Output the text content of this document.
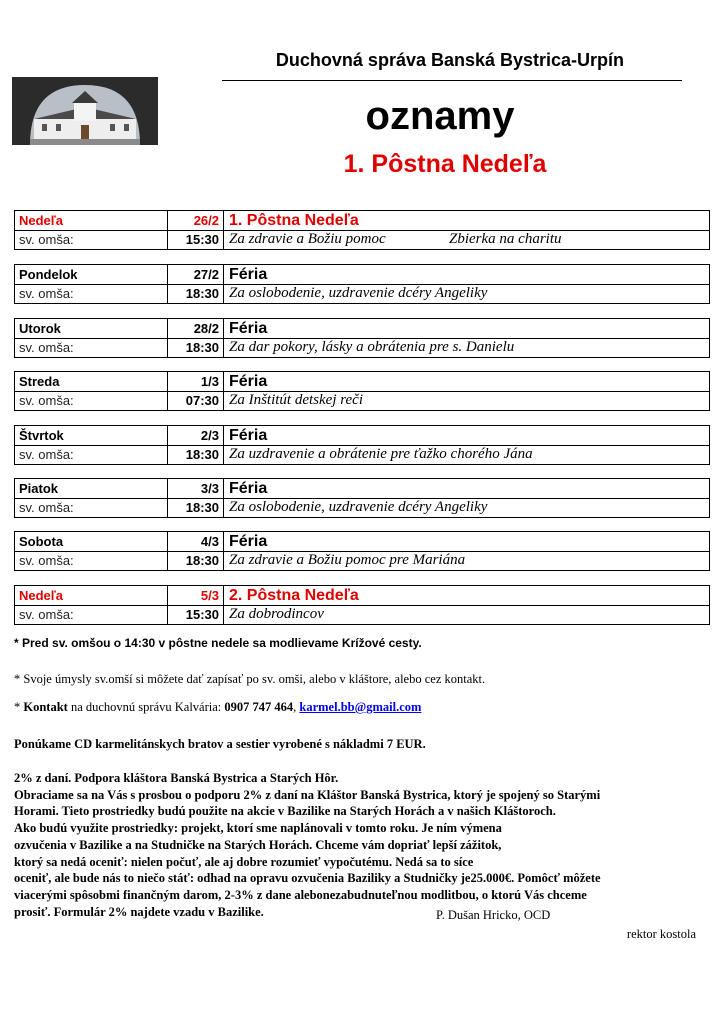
Duchovná správa Banská Bystrica-Urpín
oznamy
1. Pôstna Nedeľa
Nedeľa	26/2 1. Pôstna Nedeľa
sv. omša:	15:30 Za zdravie a Božiu pomoc	Zbierka na charitu
Pondelok	27/2 Féria
sv. omša:	18:30 Za oslobodenie, uzdravenie dcéry Angeliky
Utorok	28/2 Féria
sv. omša:	18:30 Za dar pokory, lásky a obrátenia pre s. Danielu
Streda	1/3 Féria
sv. omša:	07:30 Za Inštitút detskej reči
Štvrtok	2/3 Féria
sv. omša:	18:30 Za uzdravenie a obrátenie pre ťažko chorého Jána
Piatok	3/3 Féria
sv. omša:	18:30 Za oslobodenie, uzdravenie dcéry Angeliky
Sobota	4/3 Féria
sv. omša:	18:30 Za zdravie a Božiu pomoc pre Mariána
Nedeľa	5/3 2. Pôstna Nedeľa
sv. omša:	15:30 Za dobrodincov
* Pred sv. omšou o 14:30 v pôstne nedele sa modlievame Krížové cesty.
* Svoje úmysly sv.omší si môžete dať zapísať po sv. omši, alebo v kláštore, alebo cez kontakt.
* Kontakt na duchovnú správu Kalvária: 0907 747 464, karmel.bb@gmail.com
Ponúkame CD karmelitánskych bratov a sestier vyrobené s nákladmi 7 EUR.

2% z daní. Podpora kláštora Banská Bystrica a Starých Hôr.

Obraciame sa na Vás s prosbou o podporu 2% z daní na Kláštor Banská Bystrica, ktorý je spojený so Starými

Horami. Tieto prostriedky budú použite na akcie v Bazilike na Starých Horách a v našich Kláštoroch.

Ako budú využite prostriedky: projekt, ktorí sme naplánovali v tomto roku. Je ním výmena

ozvučenia v Bazilike a na Studničke na Starých Horách. Chceme vám dopriať lepší zážitok,

ktorý sa nedá oceniť: nielen počuť, ale aj dobre rozumieť vypočutému. Nedá sa to síce

oceniť, ale bude nás to niečo stáť: odhad na opravu ozvučenia Baziliky a Studničky je25.000€. Pomôcť môžete

viacerými spôsobmi finančným darom, 2-3% z dane alebonezabudnuteľnou modlitbou, o ktorú Vás chceme

prosiť. Formulár 2% najdete vzadu v Bazilike.	P. Dušan Hricko, OCD
rektor kostola
